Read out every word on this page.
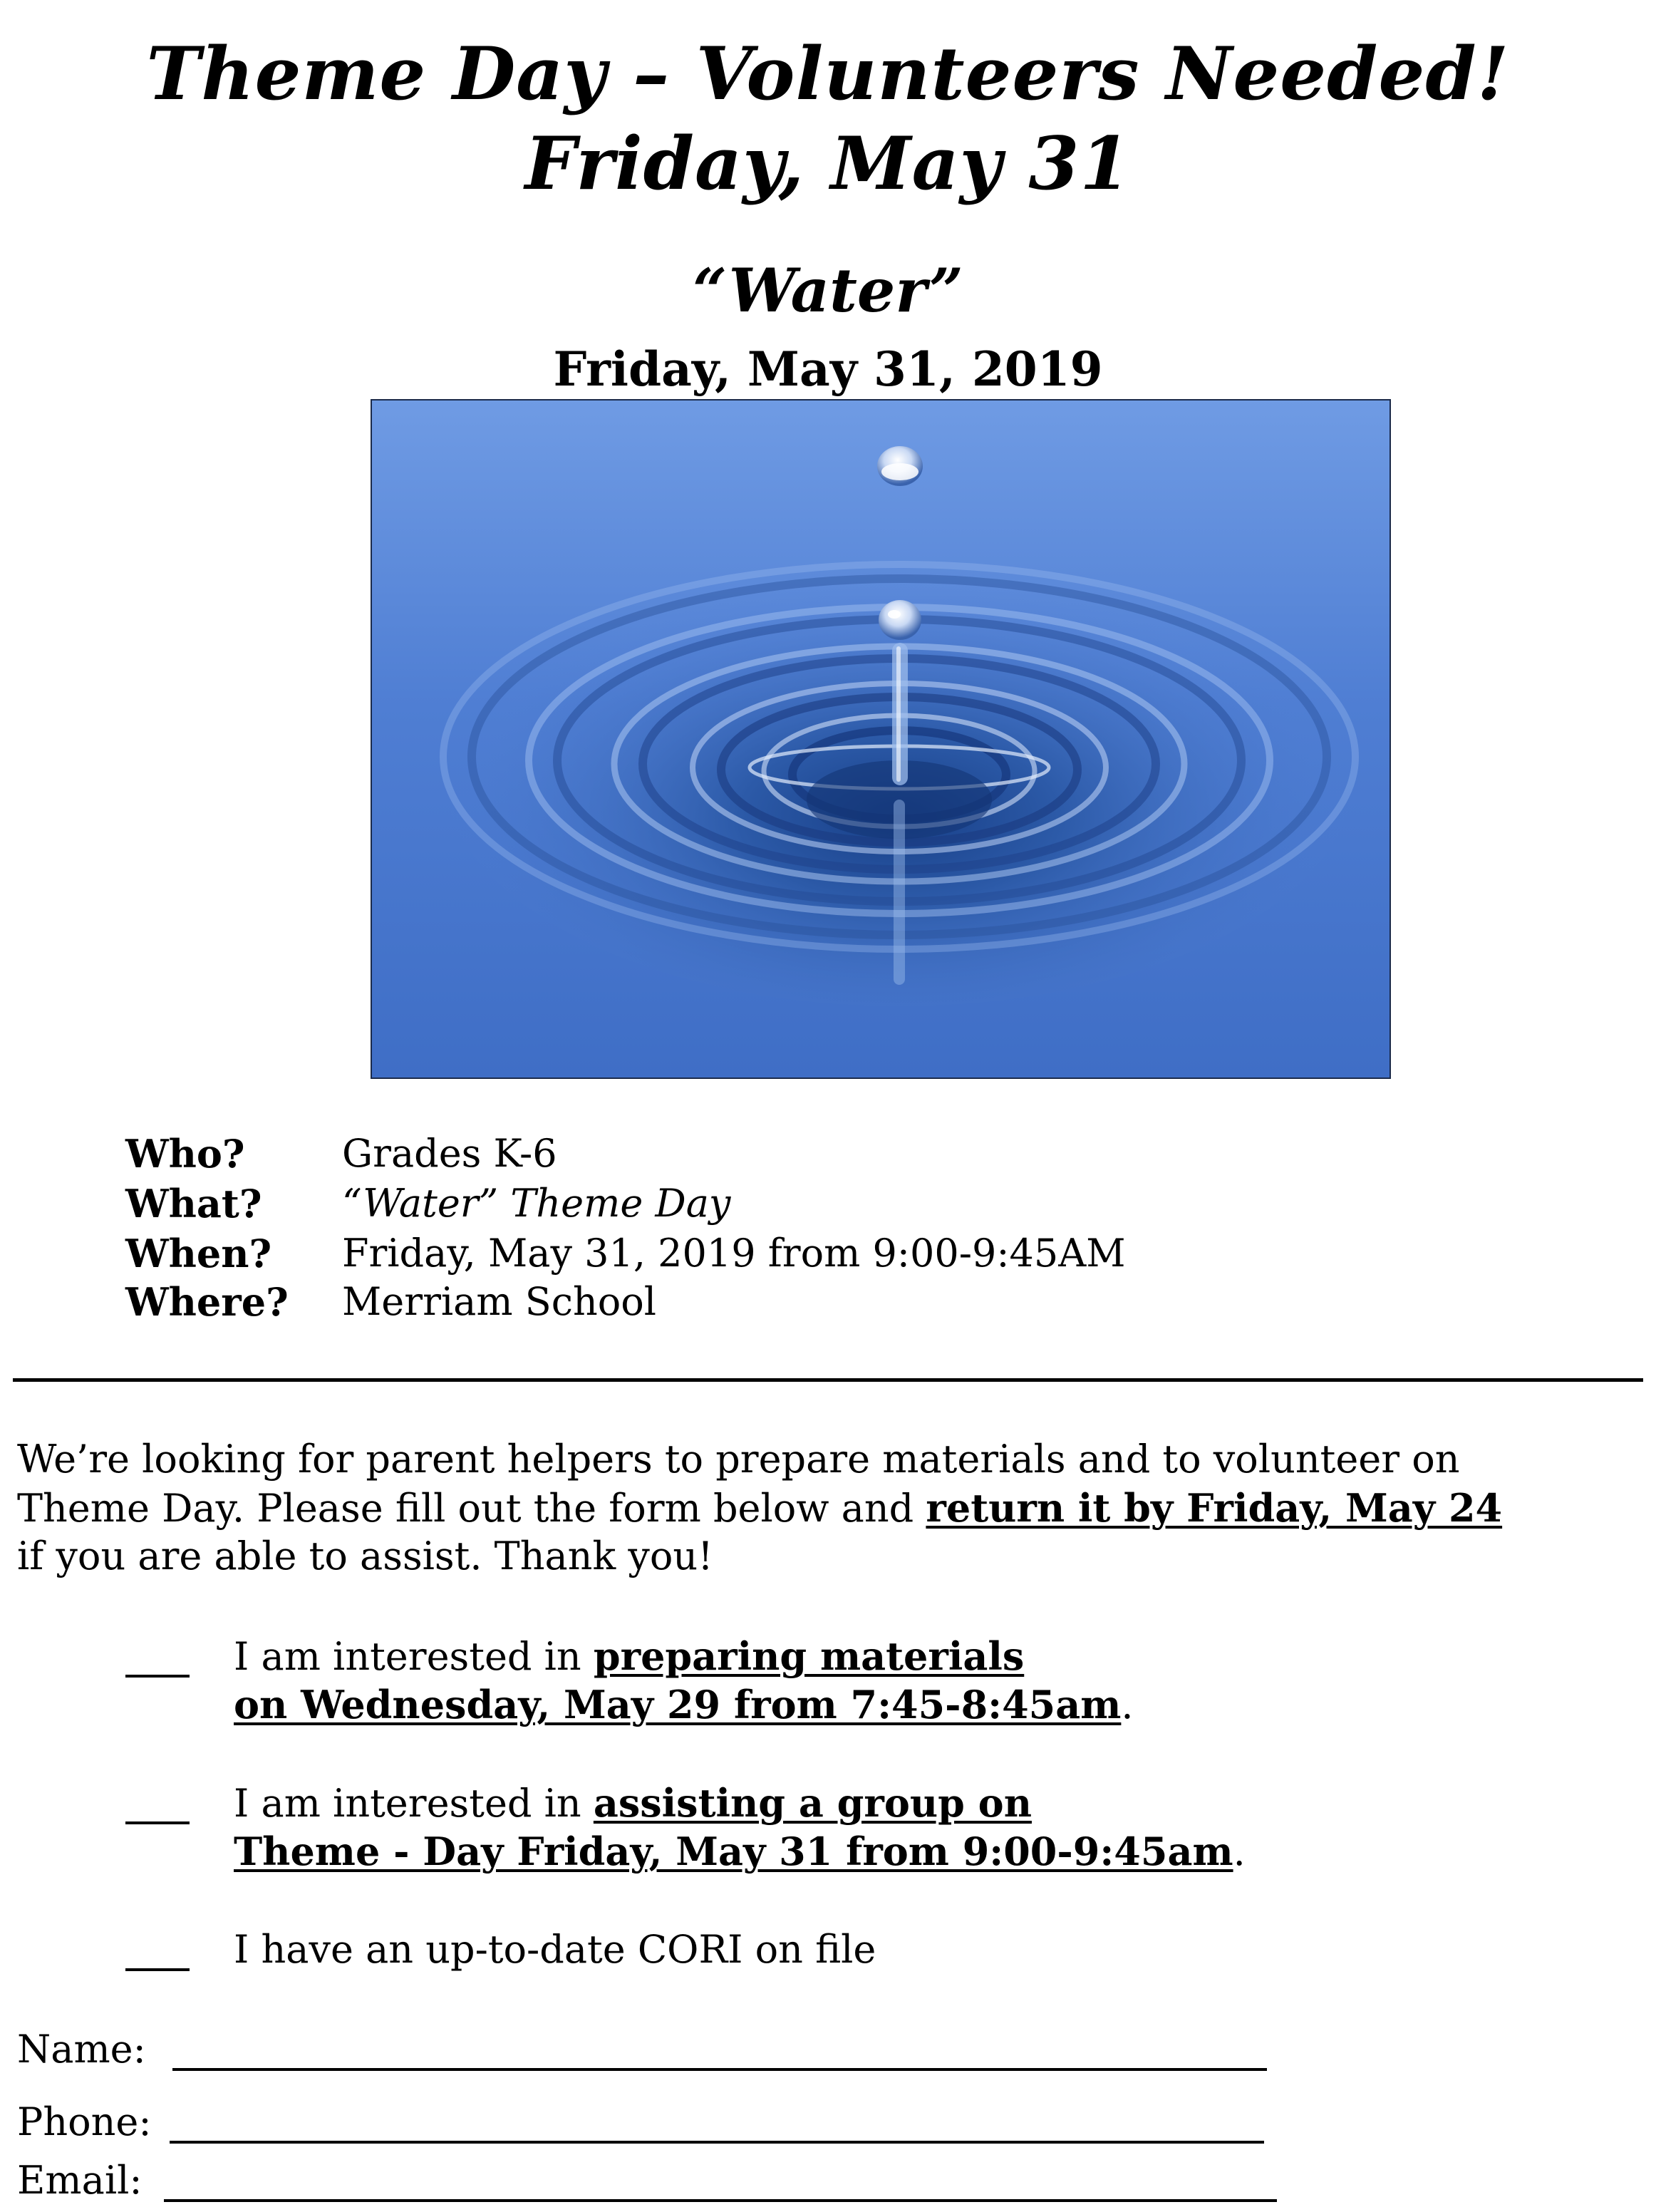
Theme Day – Volunteers Needed!
Friday, May 31
“Water”
Friday, May 31, 2019
Who?	Grades K-6
What? “Water” Theme Day
When? Friday, May 31, 2019 from 9:00-9:45AM
Where? Merriam School
We’re looking for parent helpers to prepare materials and to volunteer on
Theme Day. Please fill out the form below and return it by Friday, May 24
if you are able to assist. Thank you!
I am interested in preparing materials
on Wednesday, May 29 from 7:45-8:45am.
I am interested in assisting a group on
Theme - Day Friday, May 31 from 9:00-9:45am.
I have an up-to-date CORI on file
Name:
Phone:
Email:
